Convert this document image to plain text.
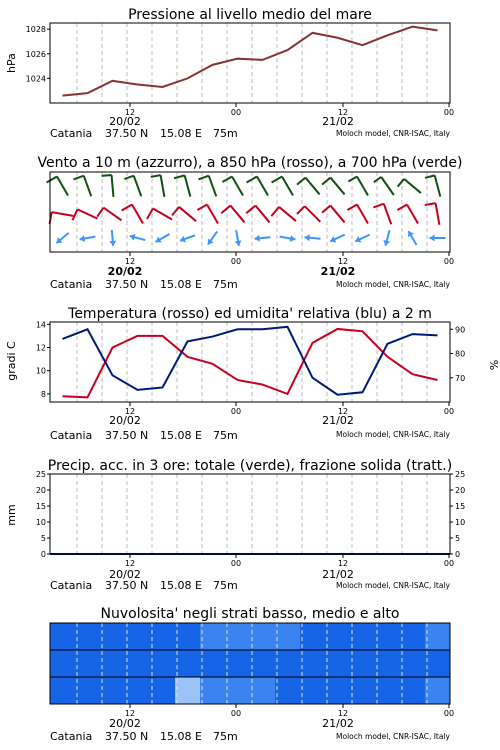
Pressione al livello medio del mare
hPa
1024
1026
1028
12	00	12	00
20/02	21/02
Catania 37.50 N 15.08 E 75m	Moloch model, CNR-ISAC, Italy
Vento a 10 m (azzurro), a 850 hPa (rosso), a 700 hPa (verde)
12	00	12	00
20/02	21/02
Catania 37.50 N 15.08 E 75m	Moloch model, CNR-ISAC, Italy
Temperatura (rosso) ed umidita' relativa (blu) a 2 m
gradi C	%
8
10
12
14
70
80
90
12	00	12	00
20/02	21/02
Catania 37.50 N 15.08 E 75m	Moloch model, CNR-ISAC, Italy
Precip. acc. in 3 ore: totale (verde), frazione solida (tratt.)
mm
0
5
10
15
20
25
0
5
10
15
20
25
12	00	12	00
20/02	21/02
Catania 37.50 N 15.08 E 75m	Moloch model, CNR-ISAC, Italy
Nuvolosita' negli strati basso, medio e alto
12	00	12	00
20/02	21/02
Catania 37.50 N 15.08 E 75m	Moloch model, CNR-ISAC, Italy
